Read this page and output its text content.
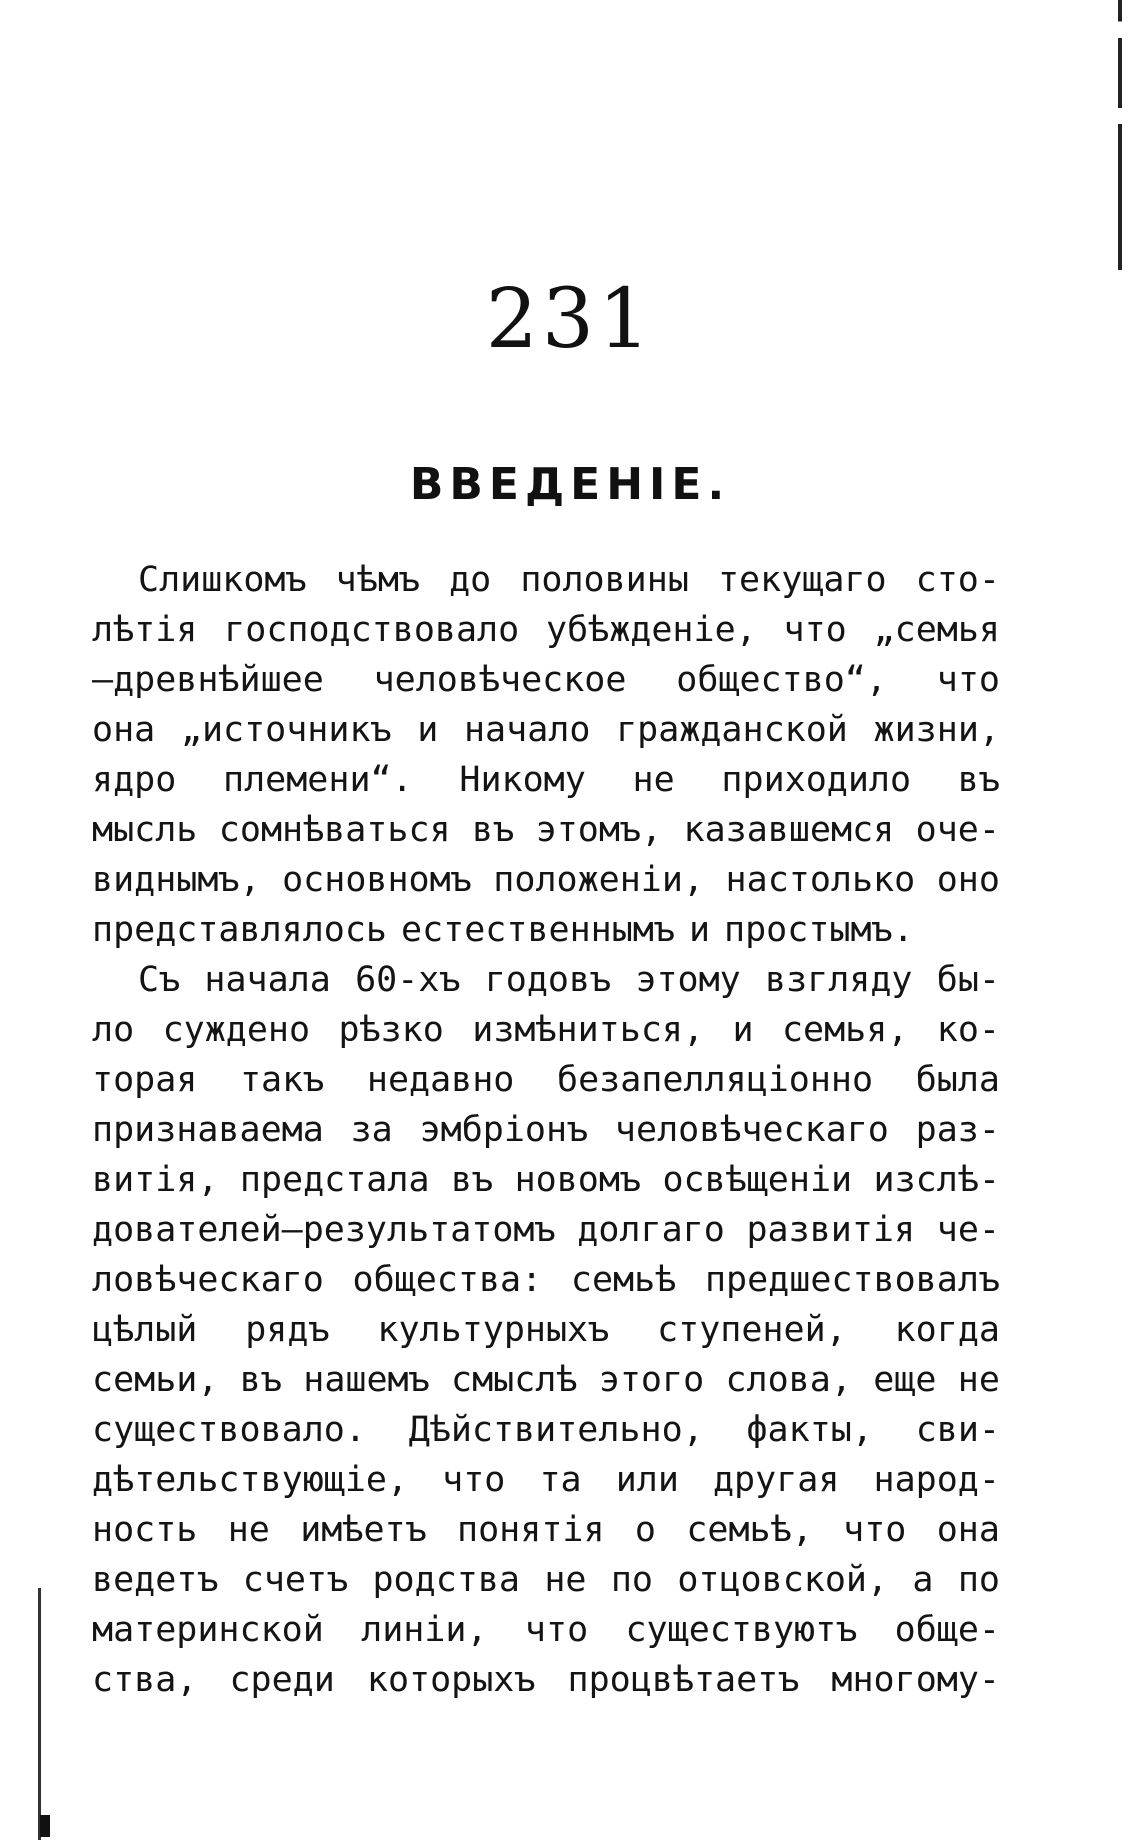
231
ВВЕДЕНІЕ.
Слишкомъ чѣмъ до половины текущаго сто-
лѣтія господствовало убѣжденіе, что „семья
—древнѣйшее человѣческое общество“, что
она „источникъ и начало гражданской жизни,
ядро племени“. Никому не приходило въ
мысль сомнѣваться въ этомъ, казавшемся оче-
виднымъ, основномъ положеніи, настолько оно
представлялось естественнымъ и простымъ.
Съ начала 60-хъ годовъ этому взгляду бы-
ло суждено рѣзко измѣниться, и семья, ко-
торая такъ недавно безапелляціонно была
признаваема за эмбріонъ человѣческаго раз-
витія, предстала въ новомъ освѣщеніи изслѣ-
дователей—результатомъ долгаго развитія че-
ловѣческаго общества: семьѣ предшествовалъ
цѣлый рядъ культурныхъ ступеней, когда
семьи, въ нашемъ смыслѣ этого слова, еще не
существовало. Дѣйствительно, факты, сви-
дѣтельствующіе, что та или другая народ-
ность не имѣетъ понятія о семьѣ, что она
ведетъ счетъ родства не по отцовской, а по
материнской линіи, что существуютъ обще-
ства, среди которыхъ процвѣтаетъ многому-
